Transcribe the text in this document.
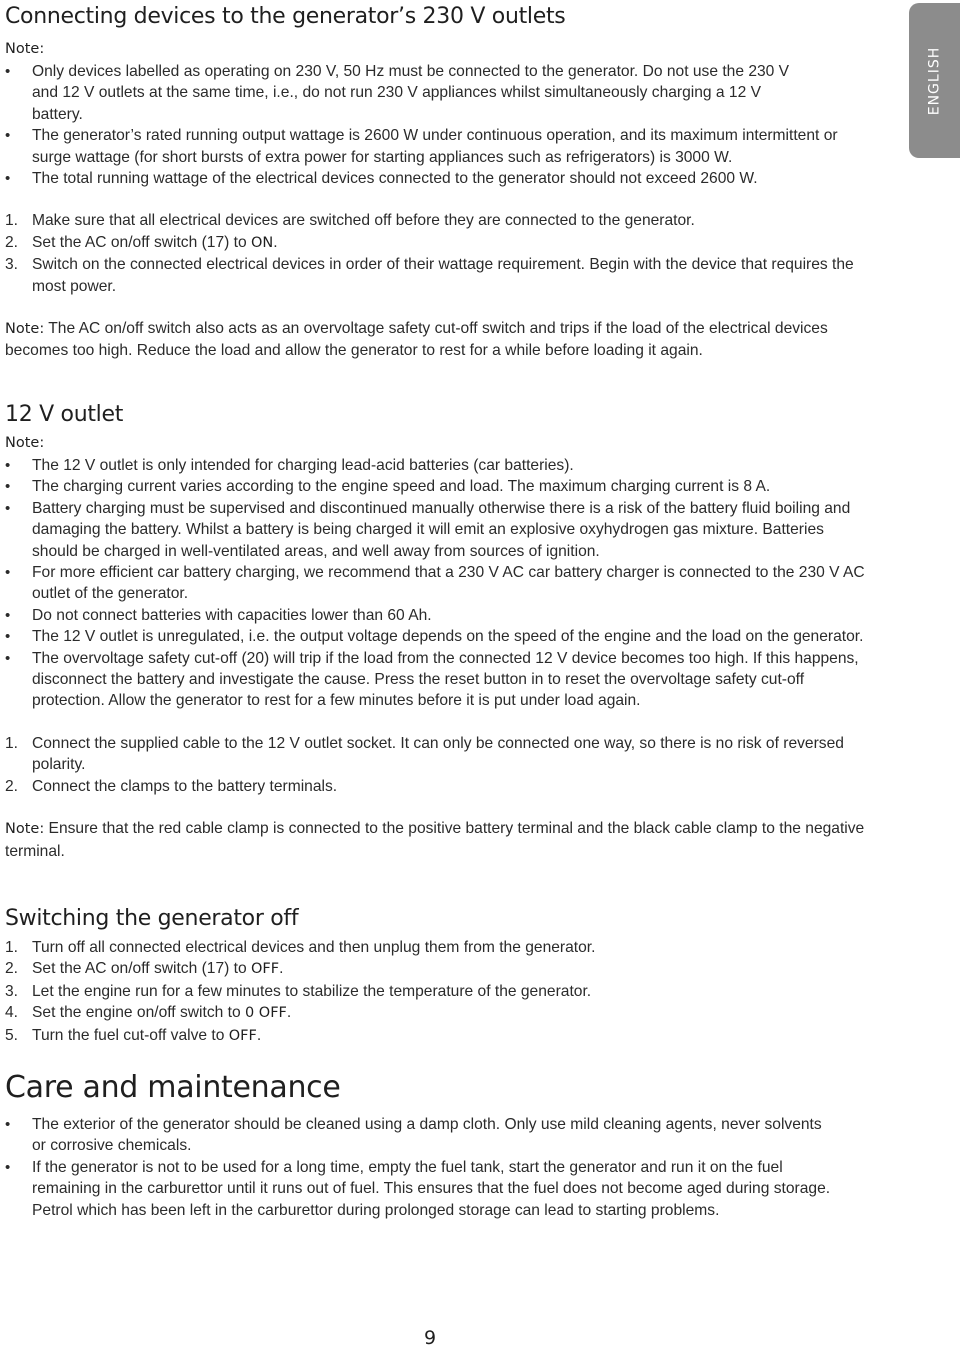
ENGLISH
Connecting devices to the generator’s 230 V outlets

Note:

• Only devices labelled as operating on 230 V, 50 Hz must be connected to the generator. Do not use the 230 V and 12 V outlets at the same time, i.e., do not run 230 V appliances whilst simultaneously charging a 12 V battery.
• The generator’s rated running output wattage is 2600 W under continuous operation, and its maximum intermittent or surge wattage (for short bursts of extra power for starting appliances such as refrigerators) is 3000 W.
• The total running wattage of the electrical devices connected to the generator should not exceed 2600 W.
1. Make sure that all electrical devices are switched off before they are connected to the generator.
2. Set the AC on/off switch (17) to ON.
3. Switch on the connected electrical devices in order of their wattage requirement. Begin with the device that requires the most power.

Note: The AC on/off switch also acts as an overvoltage safety cut-off switch and trips if the load of the electrical devices becomes too high. Reduce the load and allow the generator to rest for a while before loading it again.

12 V outlet

Note:

• The 12 V outlet is only intended for charging lead-acid batteries (car batteries).
• The charging current varies according to the engine speed and load. The maximum charging current is 8 A.
• Battery charging must be supervised and discontinued manually otherwise there is a risk of the battery fluid boiling and damaging the battery. Whilst a battery is being charged it will emit an explosive oxyhydrogen gas mixture. Batteries should be charged in well-ventilated areas, and well away from sources of ignition.
• For more efficient car battery charging, we recommend that a 230 V AC car battery charger is connected to the 230 V AC outlet of the generator.
• Do not connect batteries with capacities lower than 60 Ah.
• The 12 V outlet is unregulated, i.e. the output voltage depends on the speed of the engine and the load on the generator.
• The overvoltage safety cut-off (20) will trip if the load from the connected 12 V device becomes too high. If this happens, disconnect the battery and investigate the cause. Press the reset button in to reset the overvoltage safety cut-off protection. Allow the generator to rest for a few minutes before it is put under load again.
1. Connect the supplied cable to the 12 V outlet socket. It can only be connected one way, so there is no risk of reversed polarity.
2. Connect the clamps to the battery terminals.

Note: Ensure that the red cable clamp is connected to the positive battery terminal and the black cable clamp to the negative terminal.

Switching the generator off
1. Turn off all connected electrical devices and then unplug them from the generator.
2. Set the AC on/off switch (17) to OFF.
3. Let the engine run for a few minutes to stabilize the temperature of the generator.
4. Set the engine on/off switch to 0 OFF.
5. Turn the fuel cut-off valve to OFF.
Care and maintenance
• The exterior of the generator should be cleaned using a damp cloth. Only use mild cleaning agents, never solvents or corrosive chemicals.
• If the generator is not to be used for a long time, empty the fuel tank, start the generator and run it on the fuel remaining in the carburettor until it runs out of fuel. This ensures that the fuel does not become aged during storage. Petrol which has been left in the carburettor during prolonged storage can lead to starting problems.
9
